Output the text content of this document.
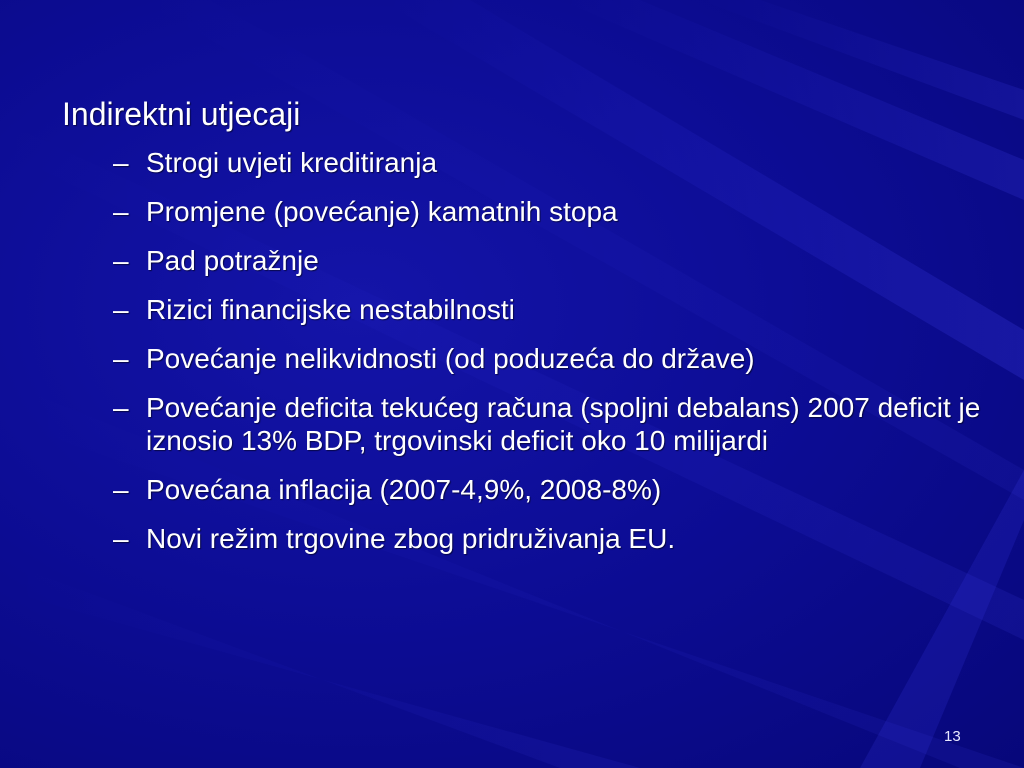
Indirektni utjecaji
– Strogi uvjeti kreditiranja
– Promjene (povećanje) kamatnih stopa
– Pad potražnje
– Rizici financijske nestabilnosti
– Povećanje nelikvidnosti (od poduzeća do države)
– Povećanje deficita tekućeg računa (spoljni debalans) 2007 deficit je iznosio 13% BDP, trgovinski deficit oko 10 milijardi
– Povećana inflacija (2007-4,9%, 2008-8%)
– Novi režim trgovine zbog pridruživanja EU.
13
